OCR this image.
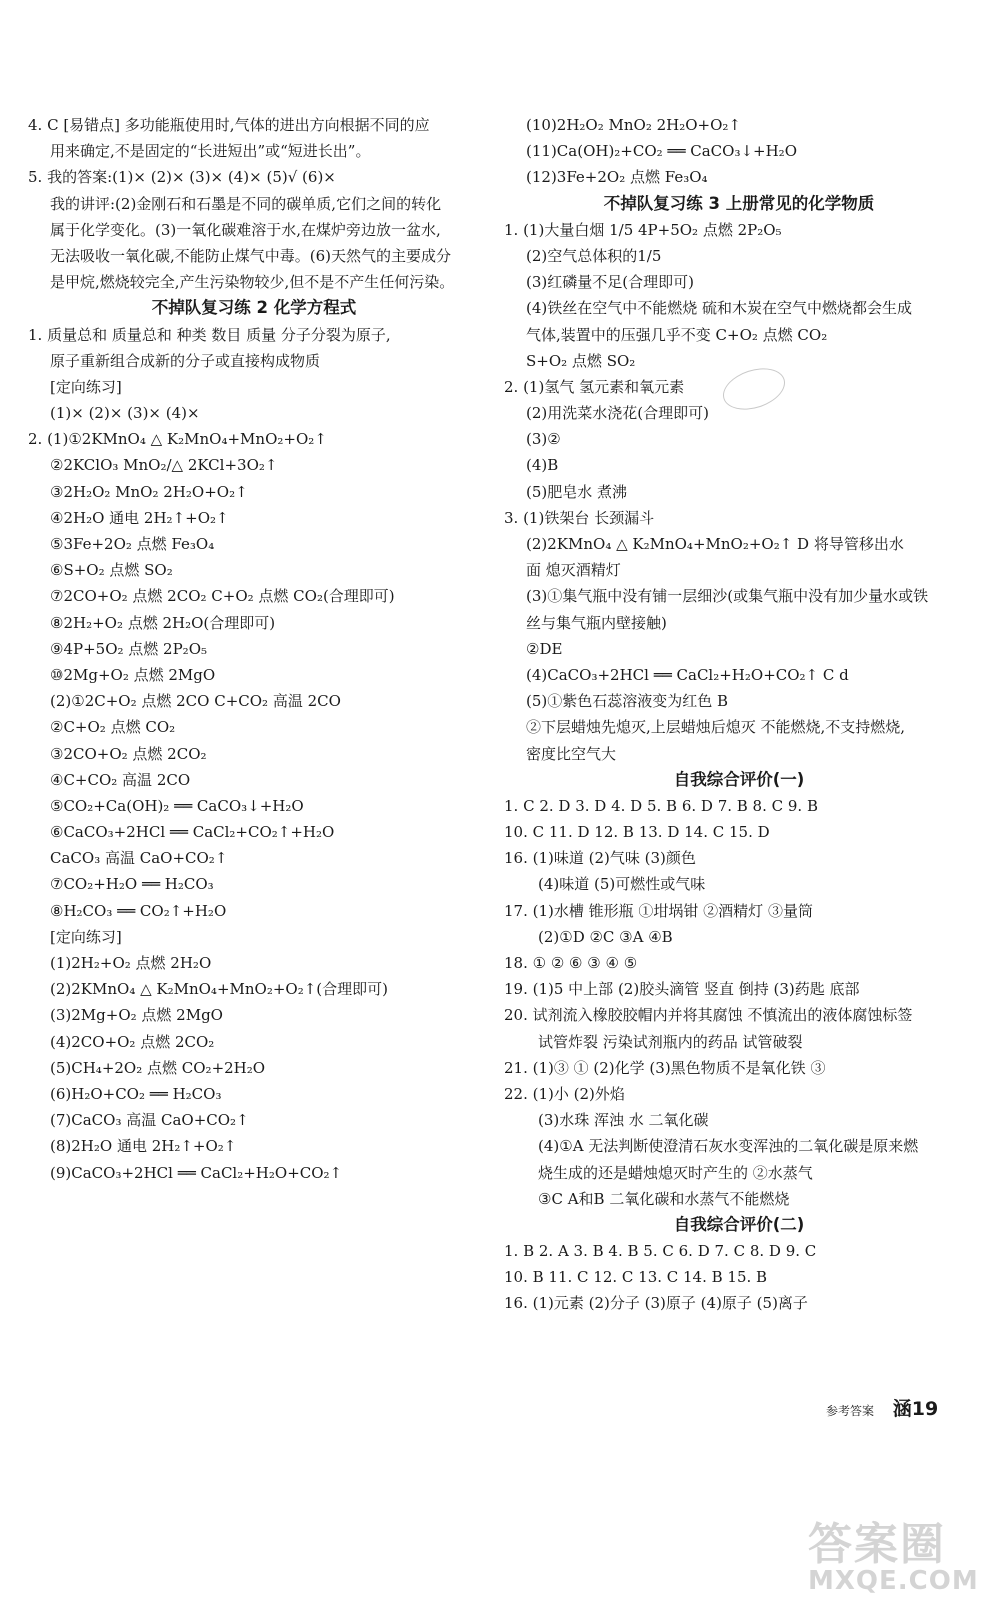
4. C [易错点] 多功能瓶使用时,气体的进出方向根据不同的应
用来确定,不是固定的“长进短出”或“短进长出”。
5. 我的答案:(1)× (2)× (3)× (4)× (5)√ (6)×
我的讲评:(2)金刚石和石墨是不同的碳单质,它们之间的转化
属于化学变化。(3)一氧化碳难溶于水,在煤炉旁边放一盆水,
无法吸收一氧化碳,不能防止煤气中毒。(6)天然气的主要成分
是甲烷,燃烧较完全,产生污染物较少,但不是不产生任何污染。
不掉队复习练 2 化学方程式
1. 质量总和 质量总和 种类 数目 质量 分子分裂为原子,
原子重新组合成新的分子或直接构成物质
[定向练习]
(1)× (2)× (3)× (4)×
2. (1)①2KMnO₄ △ K₂MnO₄+MnO₂+O₂↑
②2KClO₃ MnO₂/△ 2KCl+3O₂↑
③2H₂O₂ MnO₂ 2H₂O+O₂↑
④2H₂O 通电 2H₂↑+O₂↑
⑤3Fe+2O₂ 点燃 Fe₃O₄
⑥S+O₂ 点燃 SO₂
⑦2CO+O₂ 点燃 2CO₂ C+O₂ 点燃 CO₂(合理即可)
⑧2H₂+O₂ 点燃 2H₂O(合理即可)
⑨4P+5O₂ 点燃 2P₂O₅
⑩2Mg+O₂ 点燃 2MgO
(2)①2C+O₂ 点燃 2CO C+CO₂ 高温 2CO
②C+O₂ 点燃 CO₂
③2CO+O₂ 点燃 2CO₂
④C+CO₂ 高温 2CO
⑤CO₂+Ca(OH)₂ ══ CaCO₃↓+H₂O
⑥CaCO₃+2HCl ══ CaCl₂+CO₂↑+H₂O
CaCO₃ 高温 CaO+CO₂↑
⑦CO₂+H₂O ══ H₂CO₃
⑧H₂CO₃ ══ CO₂↑+H₂O
[定向练习]
(1)2H₂+O₂ 点燃 2H₂O
(2)2KMnO₄ △ K₂MnO₄+MnO₂+O₂↑(合理即可)
(3)2Mg+O₂ 点燃 2MgO
(4)2CO+O₂ 点燃 2CO₂
(5)CH₄+2O₂ 点燃 CO₂+2H₂O
(6)H₂O+CO₂ ══ H₂CO₃
(7)CaCO₃ 高温 CaO+CO₂↑
(8)2H₂O 通电 2H₂↑+O₂↑
(9)CaCO₃+2HCl ══ CaCl₂+H₂O+CO₂↑
(10)2H₂O₂ MnO₂ 2H₂O+O₂↑
(11)Ca(OH)₂+CO₂ ══ CaCO₃↓+H₂O
(12)3Fe+2O₂ 点燃 Fe₃O₄
不掉队复习练 3 上册常见的化学物质
1. (1)大量白烟 1/5 4P+5O₂ 点燃 2P₂O₅
(2)空气总体积的1/5
(3)红磷量不足(合理即可)
(4)铁丝在空气中不能燃烧 硫和木炭在空气中燃烧都会生成
气体,装置中的压强几乎不变 C+O₂ 点燃 CO₂
S+O₂ 点燃 SO₂
2. (1)氢气 氢元素和氧元素
(2)用洗菜水浇花(合理即可)
(3)②
(4)B
(5)肥皂水 煮沸
3. (1)铁架台 长颈漏斗
(2)2KMnO₄ △ K₂MnO₄+MnO₂+O₂↑ D 将导管移出水
面 熄灭酒精灯
(3)①集气瓶中没有铺一层细沙(或集气瓶中没有加少量水或铁
丝与集气瓶内壁接触)
②DE
(4)CaCO₃+2HCl ══ CaCl₂+H₂O+CO₂↑ C d
(5)①紫色石蕊溶液变为红色 B
②下层蜡烛先熄灭,上层蜡烛后熄灭 不能燃烧,不支持燃烧,
密度比空气大
自我综合评价(一)
1. C 2. D 3. D 4. D 5. B 6. D 7. B 8. C 9. B
10. C 11. D 12. B 13. D 14. C 15. D
16. (1)味道 (2)气味 (3)颜色
(4)味道 (5)可燃性或气味
17. (1)水槽 锥形瓶 ①坩埚钳 ②酒精灯 ③量筒
(2)①D ②C ③A ④B
18. ① ② ⑥ ③ ④ ⑤
19. (1)5 中上部 (2)胶头滴管 竖直 倒持 (3)药匙 底部
20. 试剂流入橡胶胶帽内并将其腐蚀 不慎流出的液体腐蚀标签
试管炸裂 污染试剂瓶内的药品 试管破裂
21. (1)③ ① (2)化学 (3)黑色物质不是氧化铁 ③
22. (1)小 (2)外焰
(3)水珠 浑浊 水 二氧化碳
(4)①A 无法判断使澄清石灰水变浑浊的二氧化碳是原来燃
烧生成的还是蜡烛熄灭时产生的 ②水蒸气
③C A和B 二氧化碳和水蒸气不能燃烧
自我综合评价(二)
1. B 2. A 3. B 4. B 5. C 6. D 7. C 8. D 9. C
10. B 11. C 12. C 13. C 14. B 15. B
16. (1)元素 (2)分子 (3)原子 (4)原子 (5)离子
参考答案 涵19
答案圈
MXQE.COM
